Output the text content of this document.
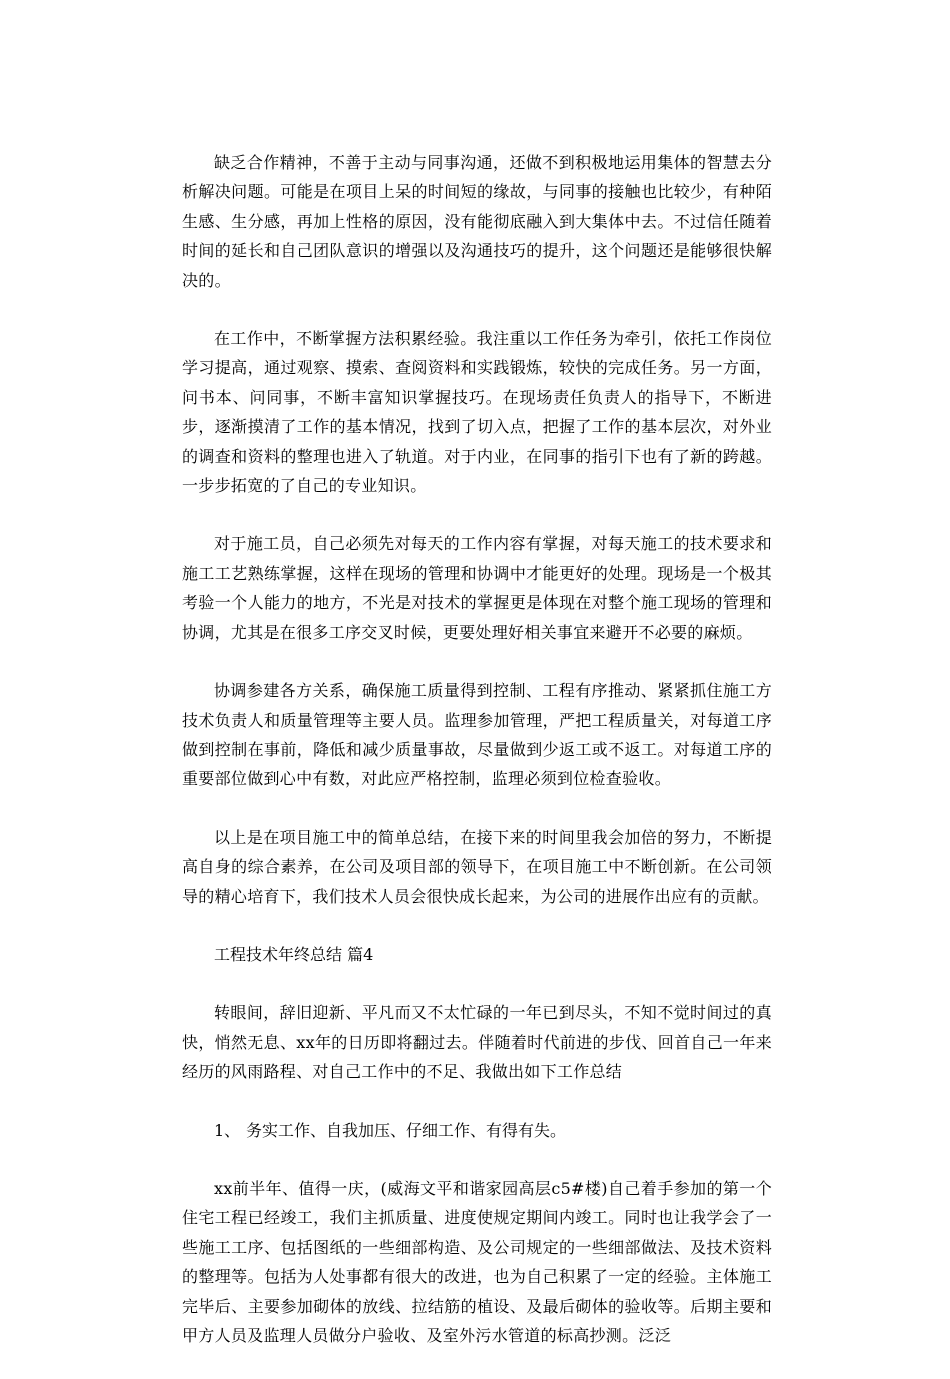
缺乏合作精神，不善于主动与同事沟通，还做不到积极地运用集体的智慧去分析解决问题。可能是在项目上呆的时间短的缘故，与同事的接触也比较少，有种陌生感、生分感，再加上性格的原因，没有能彻底融入到大集体中去。不过信任随着时间的延长和自己团队意识的增强以及沟通技巧的提升，这个问题还是能够很快解决的。

在工作中，不断掌握方法积累经验。我注重以工作任务为牵引，依托工作岗位学习提高，通过观察、摸索、查阅资料和实践锻炼，较快的完成任务。另一方面，问书本、问同事，不断丰富知识掌握技巧。在现场责任负责人的指导下，不断进步，逐渐摸清了工作的基本情况，找到了切入点，把握了工作的基本层次，对外业的调查和资料的整理也进入了轨道。对于内业，在同事的指引下也有了新的跨越。一步步拓宽的了自己的专业知识。

对于施工员，自己必须先对每天的工作内容有掌握，对每天施工的技术要求和施工工艺熟练掌握，这样在现场的管理和协调中才能更好的处理。现场是一个极其考验一个人能力的地方，不光是对技术的掌握更是体现在对整个施工现场的管理和协调，尤其是在很多工序交叉时候，更要处理好相关事宜来避开不必要的麻烦。

协调参建各方关系，确保施工质量得到控制、工程有序推动、紧紧抓住施工方技术负责人和质量管理等主要人员。监理参加管理，严把工程质量关，对每道工序做到控制在事前，降低和减少质量事故，尽量做到少返工或不返工。对每道工序的重要部位做到心中有数，对此应严格控制，监理必须到位检查验收。

以上是在项目施工中的简单总结，在接下来的时间里我会加倍的努力，不断提高自身的综合素养，在公司及项目部的领导下，在项目施工中不断创新。在公司领导的精心培育下，我们技术人员会很快成长起来，为公司的进展作出应有的贡献。

工程技术年终总结 篇4

转眼间，辞旧迎新、平凡而又不太忙碌的一年已到尽头，不知不觉时间过的真快，悄然无息、xx年的日历即将翻过去。伴随着时代前进的步伐、回首自己一年来经历的风雨路程、对自己工作中的不足、我做出如下工作总结

1、 务实工作、自我加压、仔细工作、有得有失。

xx前半年、值得一庆，(威海文平和谐家园高层c5#楼)自己着手参加的第一个住宅工程已经竣工，我们主抓质量、进度使规定期间内竣工。同时也让我学会了一些施工工序、包括图纸的一些细部构造、及公司规定的一些细部做法、及技术资料的整理等。包括为人处事都有很大的改进，也为自己积累了一定的经验。主体施工完毕后、主要参加砌体的放线、拉结筋的植设、及最后砌体的验收等。后期主要和甲方人员及监理人员做分户验收、及室外污水管道的标高抄测。泛泛
